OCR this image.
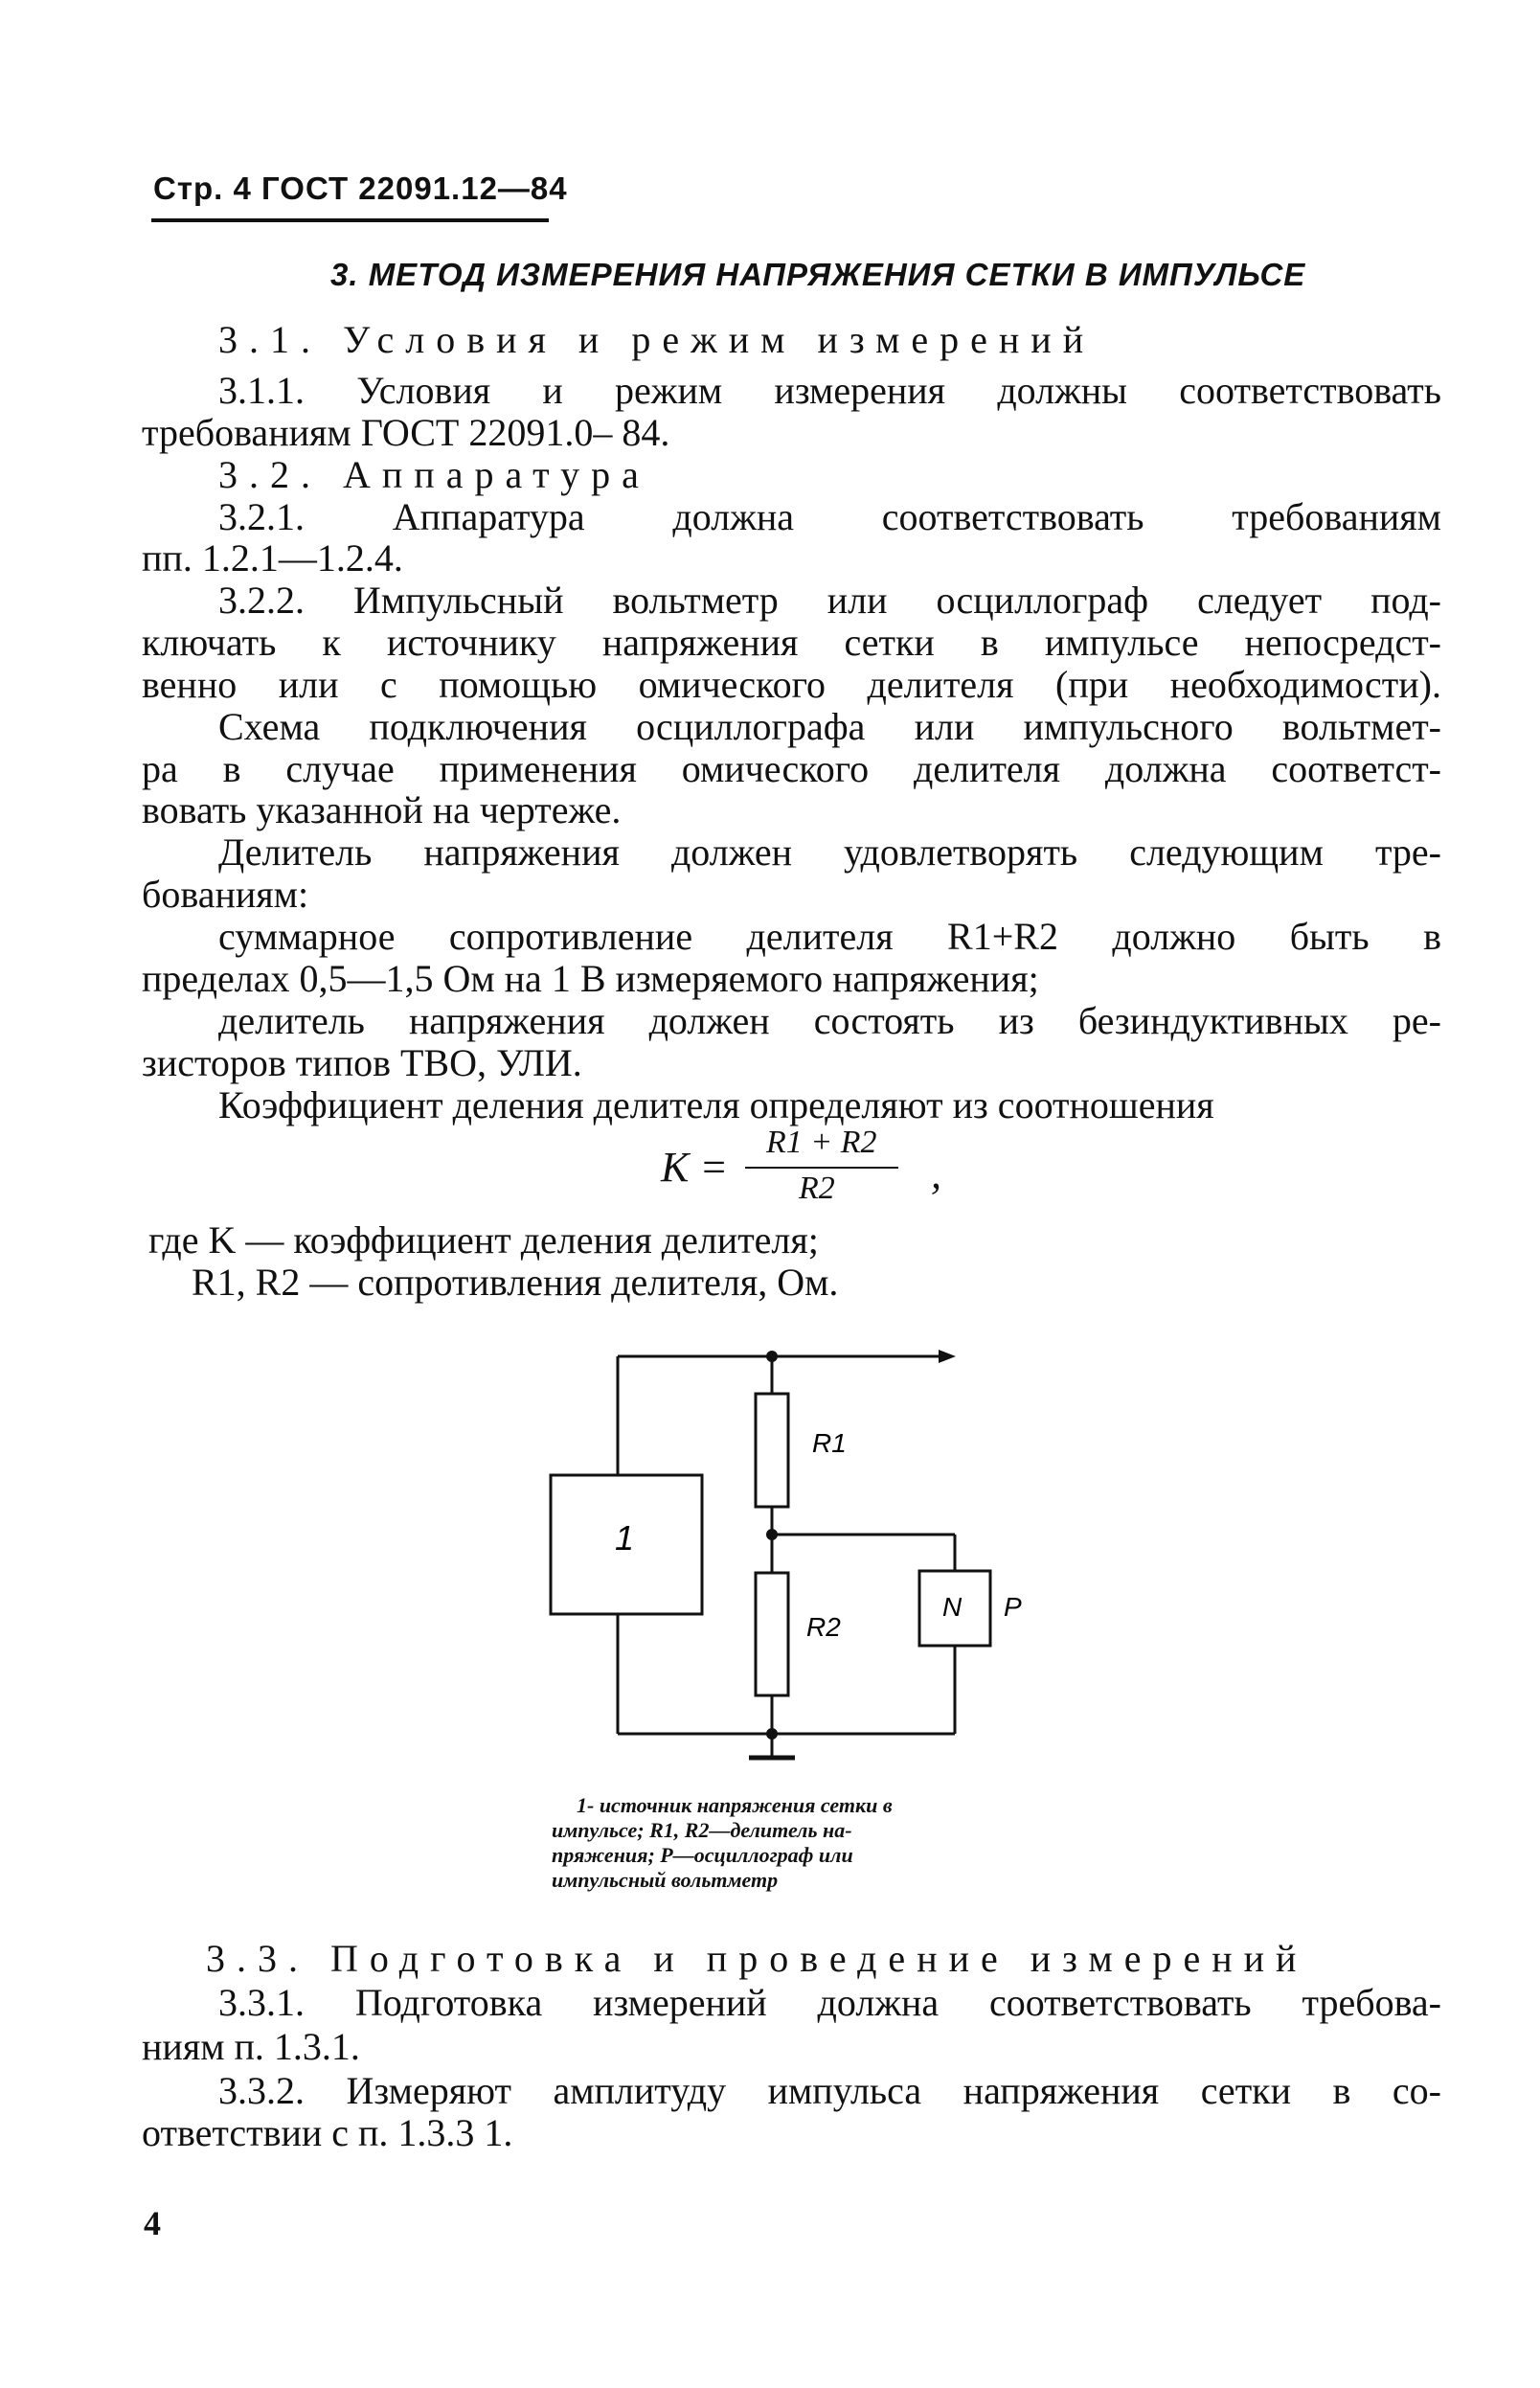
Стр. 4 ГОСТ 22091.12—84
3. МЕТОД ИЗМЕРЕНИЯ НАПРЯЖЕНИЯ СЕТКИ В ИМПУЛЬСЕ
3.1. Условия и режим измерений
3.1.1. Условия и режим измерения должны соответствовать
требованиям ГОСТ 22091.0– 84.
3.2. Аппаратура
3.2.1. Аппаратура должна соответствовать требованиям
пп. 1.2.1—1.2.4.
3.2.2. Импульсный вольтметр или осциллограф следует под-
ключать к источнику напряжения сетки в импульсе непосредст-
венно или с помощью омического делителя (при необходимости).
Схема подключения осциллографа или импульсного вольтмет-
ра в случае применения омического делителя должна соответст-
вовать указанной на чертеже.
Делитель напряжения должен удовлетворять следующим тре-
бованиям:
суммарное сопротивление делителя R1+R2 должно быть в
пределах 0,5—1,5 Ом на 1 В измеряемого напряжения;
делитель напряжения должен состоять из безиндуктивных ре-
зисторов типов ТВО, УЛИ.
Коэффициент деления делителя определяют из соотношения
K =
R1 + R2
R2 ,
где K — коэффициент деления делителя;
R1, R2 — сопротивления делителя, Ом.
R1
R2
1
N P
1- источник напряжения сетки в
импульсе; R1, R2—делитель на-
пряжения; Р—осциллограф или
импульсный вольтметр
3.3. Подготовка и проведение измерений
3.3.1. Подготовка измерений должна соответствовать требова-
ниям п. 1.3.1.
3.3.2. Измеряют амплитуду импульса напряжения сетки в со-
ответствии с п. 1.3.3 1.
4
